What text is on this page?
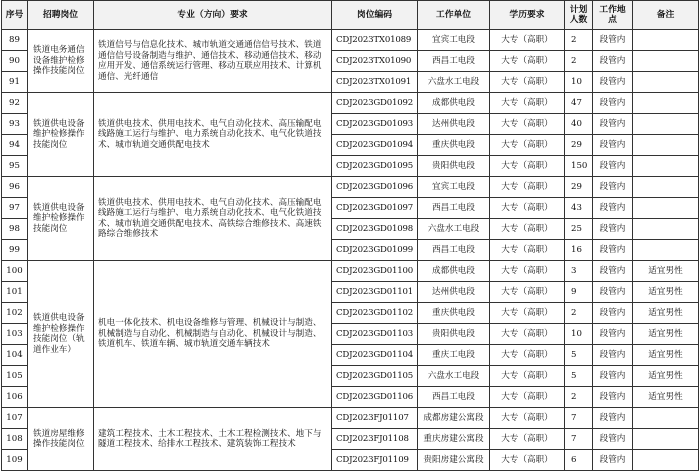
序号	招聘岗位	专业（方向）要求	岗位编码	工作单位	学历要求	计划人数	工作地点	备注
89	铁道电务通信设备维护检修操作技能岗位	铁道信号与信息化技术、城市轨道交通通信信号技术、铁道通信信号设备制造与维护、通信技术、移动通信技术、移动应用开发、通信系统运行管理、移动互联应用技术、计算机通信、光纤通信	CDJ2023TX01089	宜宾工电段	大专（高职）	2	段管内	
90			CDJ2023TX01090	西昌工电段	大专（高职）	2	段管内	
91			CDJ2023TX01091	六盘水工电段	大专（高职）	10	段管内	
92	铁道供电设备维护检修操作技能岗位	铁道供电技术、供用电技术、电气自动化技术、高压输配电线路施工运行与维护、电力系统自动化技术、电气化铁道技术、城市轨道交通供配电技术	CDJ2023GD01092	成都供电段	大专（高职）	47	段管内	
93			CDJ2023GD01093	达州供电段	大专（高职）	40	段管内	
94			CDJ2023GD01094	重庆供电段	大专（高职）	29	段管内	
95			CDJ2023GD01095	贵阳供电段	大专（高职）	150	段管内	
96	铁道供电设备维护检修操作技能岗位	铁道供电技术、供用电技术、电气自动化技术、高压输配电线路施工运行与维护、电力系统自动化技术、电气化铁道技术、城市轨道交通供配电技术、高铁综合维修技术、高速铁路综合维修技术	CDJ2023GD01096	宜宾工电段	大专（高职）	29	段管内	
97			CDJ2023GD01097	西昌工电段	大专（高职）	43	段管内	
98			CDJ2023GD01098	六盘水工电段	大专（高职）	25	段管内	
99			CDJ2023GD01099	西昌工电段	大专（高职）	16	段管内	
100	铁道供电设备维护检修操作技能岗位（轨道作业车）	机电一体化技术、机电设备维修与管理、机械设计与制造、机械制造与自动化、机械制造与自动化、机械设计与制造、铁道机车、铁道车辆、城市轨道交通车辆技术	CDJ2023GD01100	成都供电段	大专（高职）	3	段管内	适宜男性
101			CDJ2023GD01101	达州供电段	大专（高职）	9	段管内	适宜男性
102			CDJ2023GD01102	重庆供电段	大专（高职）	2	段管内	适宜男性
103			CDJ2023GD01103	贵阳供电段	大专（高职）	10	段管内	适宜男性
104			CDJ2023GD01104	重庆工电段	大专（高职）	5	段管内	适宜男性
105			CDJ2023GD01105	六盘水工电段	大专（高职）	5	段管内	适宜男性
106			CDJ2023GD01106	西昌工电段	大专（高职）	2	段管内	适宜男性
107	铁道房屋维修操作技能岗位	建筑工程技术、土木工程技术、土木工程检测技术、地下与隧道工程技术、给排水工程技术、建筑装饰工程技术	CDJ2023FJ01107	成都房建公寓段	大专（高职）	7	段管内	
108			CDJ2023FJ01108	重庆房建公寓段	大专（高职）	7	段管内	
109			CDJ2023FJ01109	贵阳房建公寓段	大专（高职）	6	段管内	
